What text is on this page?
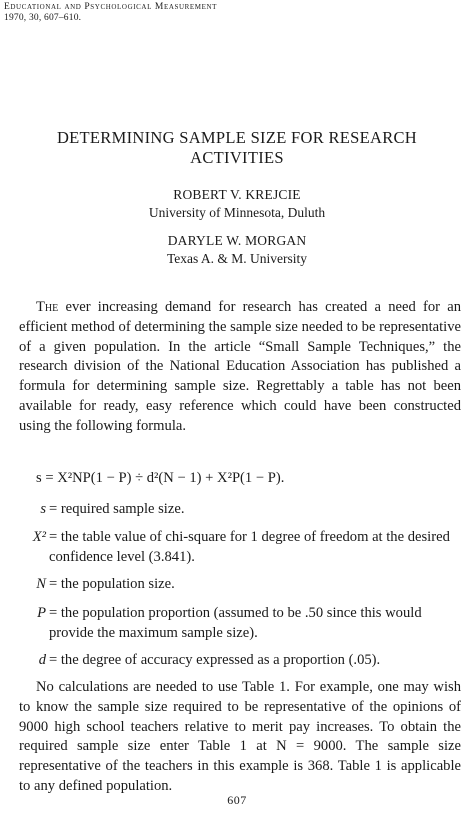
Educational and Psychological Measurement
1970, 30, 607–610.
DETERMINING SAMPLE SIZE FOR RESEARCH
ACTIVITIES
ROBERT V. KREJCIE
University of Minnesota, Duluth
DARYLE W. MORGAN
Texas A. & M. University

The ever increasing demand for research has created a need for an efficient method of determining the sample size needed to be representative of a given population. In the article “Small Sample Techniques,” the research division of the National Education Association has published a formula for determining sample size. Regrettably a table has not been available for ready, easy reference which could have been constructed using the following formula.

s = X²NP(1 − P) ÷ d²(N − 1) + X²P(1 − P).
s = required sample size.
X² = the table value of chi-square for 1 degree of freedom at the desired confidence level (3.841).
N = the population size.
P = the population proportion (assumed to be .50 since this would provide the maximum sample size).
d = the degree of accuracy expressed as a proportion (.05).

No calculations are needed to use Table 1. For example, one may wish to know the sample size required to be representative of the opinions of 9000 high school teachers relative to merit pay increases. To obtain the required sample size enter Table 1 at N = 9000. The sample size representative of the teachers in this example is 368. Table 1 is applicable to any defined population.

607
